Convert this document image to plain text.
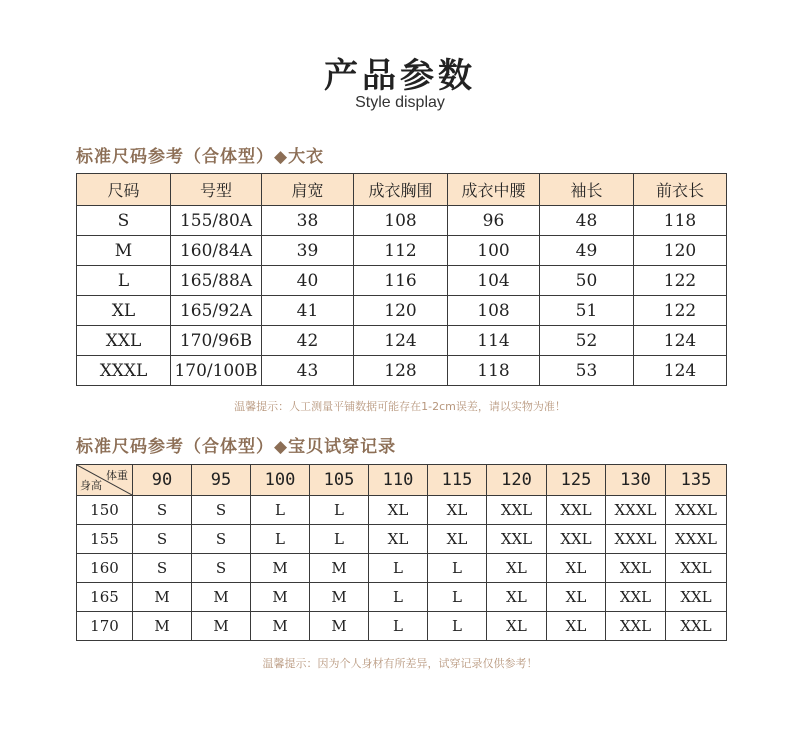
产品参数
Style display
标准尺码参考（合体型）◆大衣
尺码	号型	肩宽	成衣胸围	成衣中腰	袖长	前衣长
S	155/80A	38	108	96	48	118
M	160/84A	39	112	100	49	120
L	165/88A	40	116	104	50	122
XL	165/92A	41	120	108	51	122
XXL	170/96B	42	124	114	52	124
XXXL	170/100B	43	128	118	53	124
温馨提示：人工测量平铺数据可能存在1-2cm误差，请以实物为准！
标准尺码参考（合体型）◆宝贝试穿记录
体重
身高	90	95	100	105	110	115	120	125	130	135
150	S	S	L	L	XL	XL	XXL	XXL	XXXL	XXXL
155	S	S	L	L	XL	XL	XXL	XXL	XXXL	XXXL
160	S	S	M	M	L	L	XL	XL	XXL	XXL
165	M	M	M	M	L	L	XL	XL	XXL	XXL
170	M	M	M	M	L	L	XL	XL	XXL	XXL
温馨提示：因为个人身材有所差异，试穿记录仅供参考！
